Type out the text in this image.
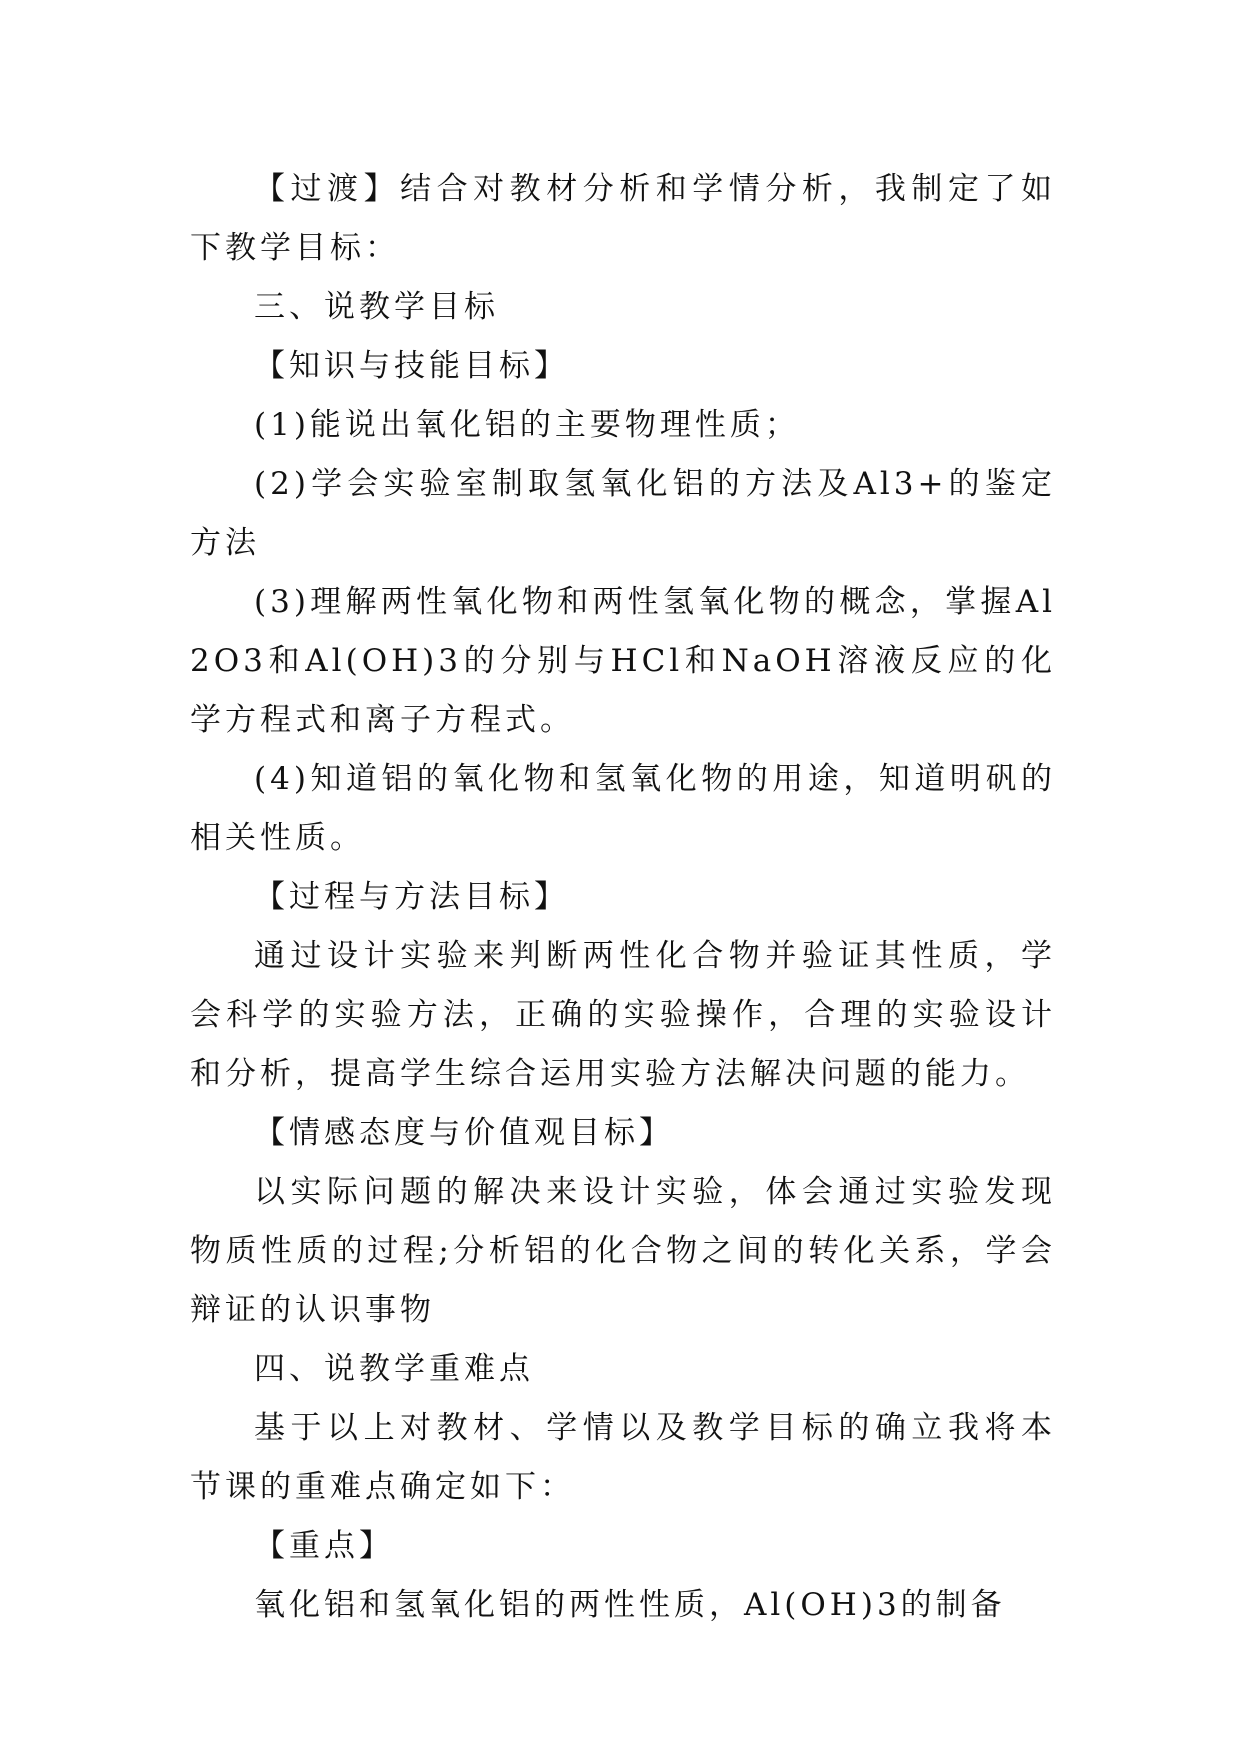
【过渡】结合对教材分析和学情分析，我制定了如下教学目标：

三、说教学目标

【知识与技能目标】

(1)能说出氧化铝的主要物理性质；

(2)学会实验室制取氢氧化铝的方法及Al3+的鉴定方法

(3)理解两性氧化物和两性氢氧化物的概念，掌握Al2O3和Al(OH)3的分别与HCl和NaOH溶液反应的化学方程式和离子方程式。

(4)知道铝的氧化物和氢氧化物的用途，知道明矾的相关性质。

【过程与方法目标】

通过设计实验来判断两性化合物并验证其性质，学会科学的实验方法，正确的实验操作，合理的实验设计和分析，提高学生综合运用实验方法解决问题的能力。

【情感态度与价值观目标】

以实际问题的解决来设计实验，体会通过实验发现物质性质的过程;分析铝的化合物之间的转化关系，学会辩证的认识事物

四、说教学重难点

基于以上对教材、学情以及教学目标的确立我将本节课的重难点确定如下：

【重点】

氧化铝和氢氧化铝的两性性质，Al(OH)3的制备
